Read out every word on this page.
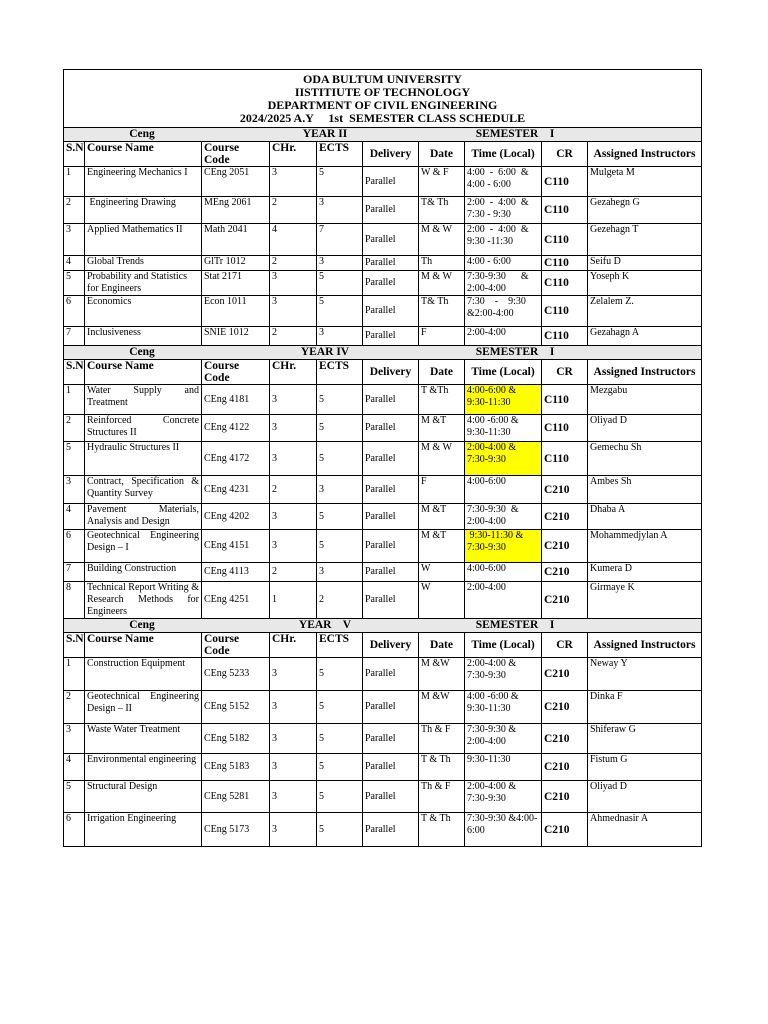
ODA BULTUM UNIVERSITY
IISTITIUTE OF TECHNOLOGY
DEPARTMENT OF CIVIL ENGINEERING
2024/2025 A.Y     1st  SEMESTER CLASS SCHEDULE									

Ceng YEAR II SEMESTER    I									

S.N	Course Name	Course Code	CHr.	ECTS	Delivery	Date	Time (Local)	CR	Assigned Instructors
1	Engineering Mechanics I	CEng 2051	3	5	Parallel	W & F	4:00  -  6:00  & 4:00 - 6:00	C110	Mulgeta M
2	Engineering Drawing	MEng 2061	2	3	Parallel	T& Th	2:00  -  4:00  & 7:30 - 9:30	C110	Gezahegn G
3	Applied Mathematics II	Math 2041	4	7	Parallel	M & W	2:00  -  4:00  & 9:30 -11:30	C110	Gezehagn T
4	Global Trends	GlTr 1012	2	3	Parallel	Th	4:00 - 6:00	C110	Seifu D
5	Probability and Statistics for Engineers	Stat 2171	3	5	Parallel	M & W	7:30-9:30      & 2:00-4:00	C110	Yoseph K
6	Economics	Econ 1011	3	5	Parallel	T& Th	7:30    -    9:30 &2:00-4:00	C110	Zelalem Z.
7	Inclusiveness	SNIE 1012	2	3	Parallel	F	2:00-4:00	C110	Gezahagn A

Ceng YEAR IV SEMESTER    I									

S.N	Course Name	Course Code	CHr.	ECTS	Delivery	Date	Time (Local)	CR	Assigned Instructors
1	Water        Supply        and Treatment	CEng 4181	3	5	Parallel	T &Th	4:00-6:00 & 9:30-11:30	C110	Mezgabu
2	Reinforced            Concrete Structures II	CEng 4122	3	5	Parallel	M &T	4:00 -6:00 & 9:30-11:30	C110	Oliyad D
5	Hydraulic Structures II	CEng 4172	3	5	Parallel	M & W	2:00-4:00 & 7:30-9:30	C110	Gemechu Sh
3	Contract, Specification & Quantity Survey	CEng 4231	2	3	Parallel	F	4:00-6:00	C210	Ambes Sh
4	Pavement       Materials, Analysis and Design	CEng 4202	3	5	Parallel	M &T	7:30-9:30  & 2:00-4:00	C210	Dhaba A
6	Geotechnical  Engineering Design – I	CEng 4151	3	5	Parallel	M &T	9:30-11:30 & 7:30-9:30	C210	Mohammedjylan A
7	Building Construction	CEng 4113	2	3	Parallel	W	4:00-6:00	C210	Kumera D
8	Technical Report Writing & Research Methods for Engineers	CEng 4251	1	2	Parallel	W	2:00-4:00	C210	Girmaye K

Ceng YEAR    V SEMESTER    I									

S.N	Course Name	Course Code	CHr.	ECTS	Delivery	Date	Time (Local)	CR	Assigned Instructors
1	Construction Equipment	CEng 5233	3	5	Parallel	M &W	2:00-4:00 & 7:30-9:30	C210	Neway Y
2	Geotechnical  Engineering Design – II	CEng 5152	3	5	Parallel	M &W	4:00 -6:00 & 9:30-11:30	C210	Dinka F
3	Waste Water Treatment	CEng 5182	3	5	Parallel	Th & F	7:30-9:30 & 2:00-4:00	C210	Shiferaw G
4	Environmental engineering	CEng 5183	3	5	Parallel	T & Th	9:30-11:30	C210	Fistum G
5	Structural Design	CEng 5281	3	5	Parallel	Th & F	2:00-4:00 & 7:30-9:30	C210	Oliyad D
6	Irrigation Engineering	CEng 5173	3	5	Parallel	T & Th	7:30-9:30 &4:00-6:00	C210	Ahmednasir A
